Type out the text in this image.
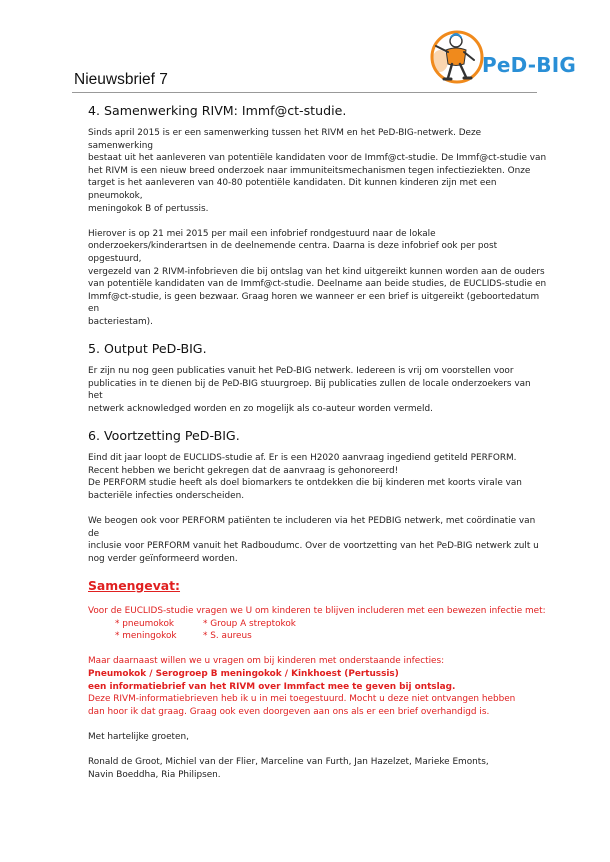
Nieuwsbrief 7
PeD-BIG
4. Samenwerking RIVM: Immf@ct-studie.

Sinds april 2015 is er een samenwerking tussen het RIVM en het PeD-BIG-netwerk. Deze samenwerking
bestaat uit het aanleveren van potentiële kandidaten voor de Immf@ct-studie. De Immf@ct-studie van
het RIVM is een nieuw breed onderzoek naar immuniteitsmechanismen tegen infectieziekten. Onze
target is het aanleveren van 40-80 potentiële kandidaten. Dit kunnen kinderen zijn met een pneumokok,
meningokok B of pertussis.

Hierover is op 21 mei 2015 per mail een infobrief rondgestuurd naar de lokale
onderzoekers/kinderartsen in de deelnemende centra. Daarna is deze infobrief ook per post opgestuurd,
vergezeld van 2 RIVM-infobrieven die bij ontslag van het kind uitgereikt kunnen worden aan de ouders
van potentiële kandidaten van de Immf@ct-studie. Deelname aan beide studies, de EUCLIDS-studie en
Immf@ct-studie, is geen bezwaar. Graag horen we wanneer er een brief is uitgereikt (geboortedatum en
bacteriestam).

5. Output PeD-BIG.

Er zijn nu nog geen publicaties vanuit het PeD-BIG netwerk. Iedereen is vrij om voorstellen voor
publicaties in te dienen bij de PeD-BIG stuurgroep. Bij publicaties zullen de locale onderzoekers van het
netwerk acknowledged worden en zo mogelijk als co-auteur worden vermeld.

6. Voortzetting PeD-BIG.

Eind dit jaar loopt de EUCLIDS-studie af. Er is een H2020 aanvraag ingediend getiteld PERFORM.
Recent hebben we bericht gekregen dat de aanvraag is gehonoreerd!
De PERFORM studie heeft als doel biomarkers te ontdekken die bij kinderen met koorts virale van
bacteriële infecties onderscheiden.

We beogen ook voor PERFORM patiënten te includeren via het PEDBIG netwerk, met coördinatie van de
inclusie voor PERFORM vanuit het Radboudumc. Over de voortzetting van het PeD-BIG netwerk zult u
nog verder geïnformeerd worden.

Samengevat:
Voor de EUCLIDS-studie vragen we U om kinderen te blijven includeren met een bewezen infectie met:
* pneumokok	* Group A streptokok
* meningokok	* S. aureus
Maar daarnaast willen we u vragen om bij kinderen met onderstaande infecties:
Pneumokok / Serogroep B meningokok / Kinkhoest (Pertussis)
een informatiebrief van het RIVM over Immfact mee te geven bij ontslag.
Deze RIVM-informatiebrieven heb ik u in mei toegestuurd. Mocht u deze niet ontvangen hebben
dan hoor ik dat graag. Graag ook even doorgeven aan ons als er een brief overhandigd is.
Met hartelijke groeten,
Ronald de Groot, Michiel van der Flier, Marceline van Furth, Jan Hazelzet, Marieke Emonts,
Navin Boeddha, Ria Philipsen.
